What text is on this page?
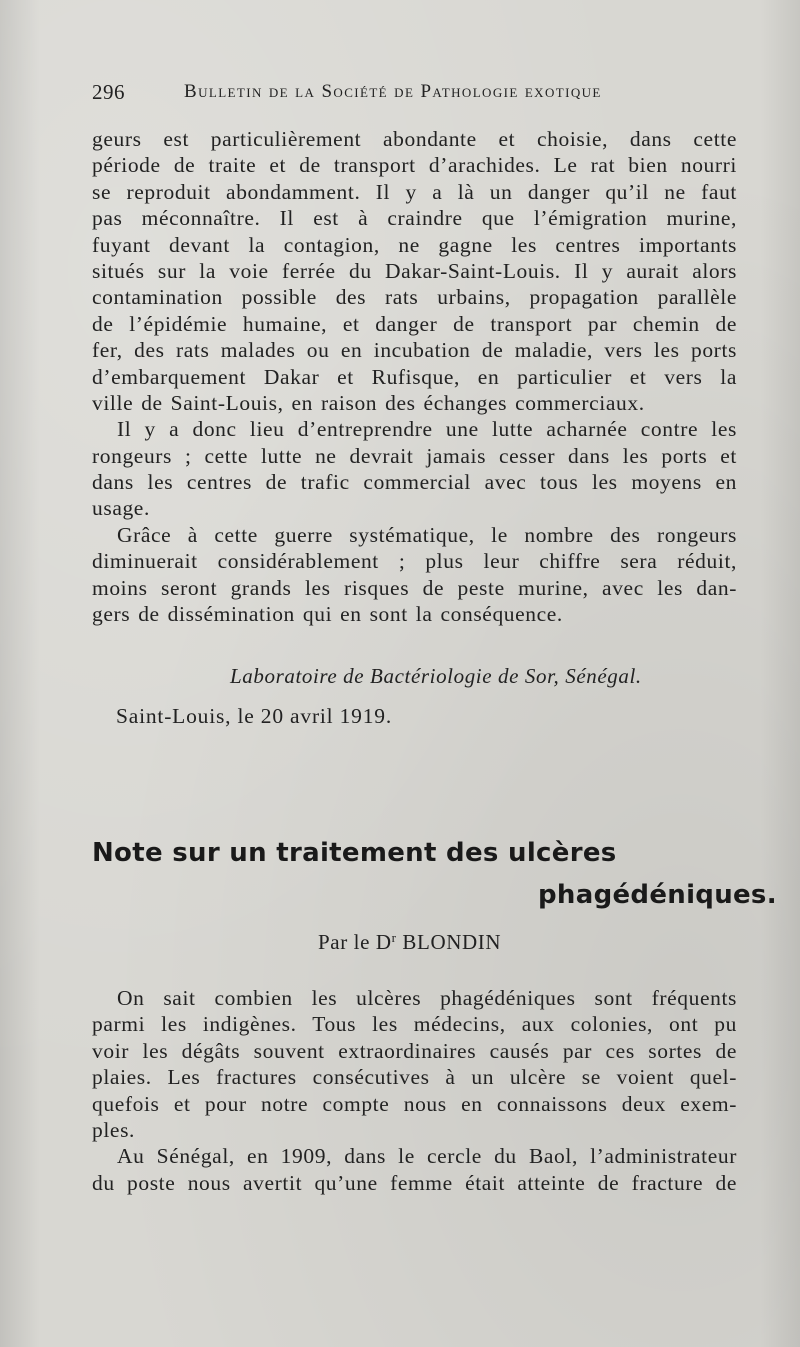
296	Bulletin de la Société de Pathologie exotique
geurs est particulièrement abondante et choisie, dans cette
période de traite et de transport d’arachides. Le rat bien nourri
se reproduit abondamment. Il y a là un danger qu’il ne faut
pas méconnaître. Il est à craindre que l’émigration murine,
fuyant devant la contagion, ne gagne les centres importants
situés sur la voie ferrée du Dakar-Saint-Louis. Il y aurait alors
contamination possible des rats urbains, propagation parallèle
de l’épidémie humaine, et danger de transport par chemin de
fer, des rats malades ou en incubation de maladie, vers les ports
d’embarquement Dakar et Rufisque, en particulier et vers la
ville de Saint-Louis, en raison des échanges commerciaux.
Il y a donc lieu d’entreprendre une lutte acharnée contre les
rongeurs ; cette lutte ne devrait jamais cesser dans les ports et
dans les centres de trafic commercial avec tous les moyens en
usage.
Grâce à cette guerre systématique, le nombre des rongeurs
diminuerait considérablement ; plus leur chiffre sera réduit,
moins seront grands les risques de peste murine, avec les dan-
gers de dissémination qui en sont la conséquence.
Laboratoire de Bactériologie de Sor, Sénégal.
Saint-Louis, le 20 avril 1919.
Note sur un traitement des ulcères
phagédéniques.
Par le $D^r$ BLONDIN
On sait combien les ulcères phagédéniques sont fréquents
parmi les indigènes. Tous les médecins, aux colonies, ont pu
voir les dégâts souvent extraordinaires causés par ces sortes de
plaies. Les fractures consécutives à un ulcère se voient quel-
quefois et pour notre compte nous en connaissons deux exem-
ples.
Au Sénégal, en 1909, dans le cercle du Baol, l’administrateur
du poste nous avertit qu’une femme était atteinte de fracture de
